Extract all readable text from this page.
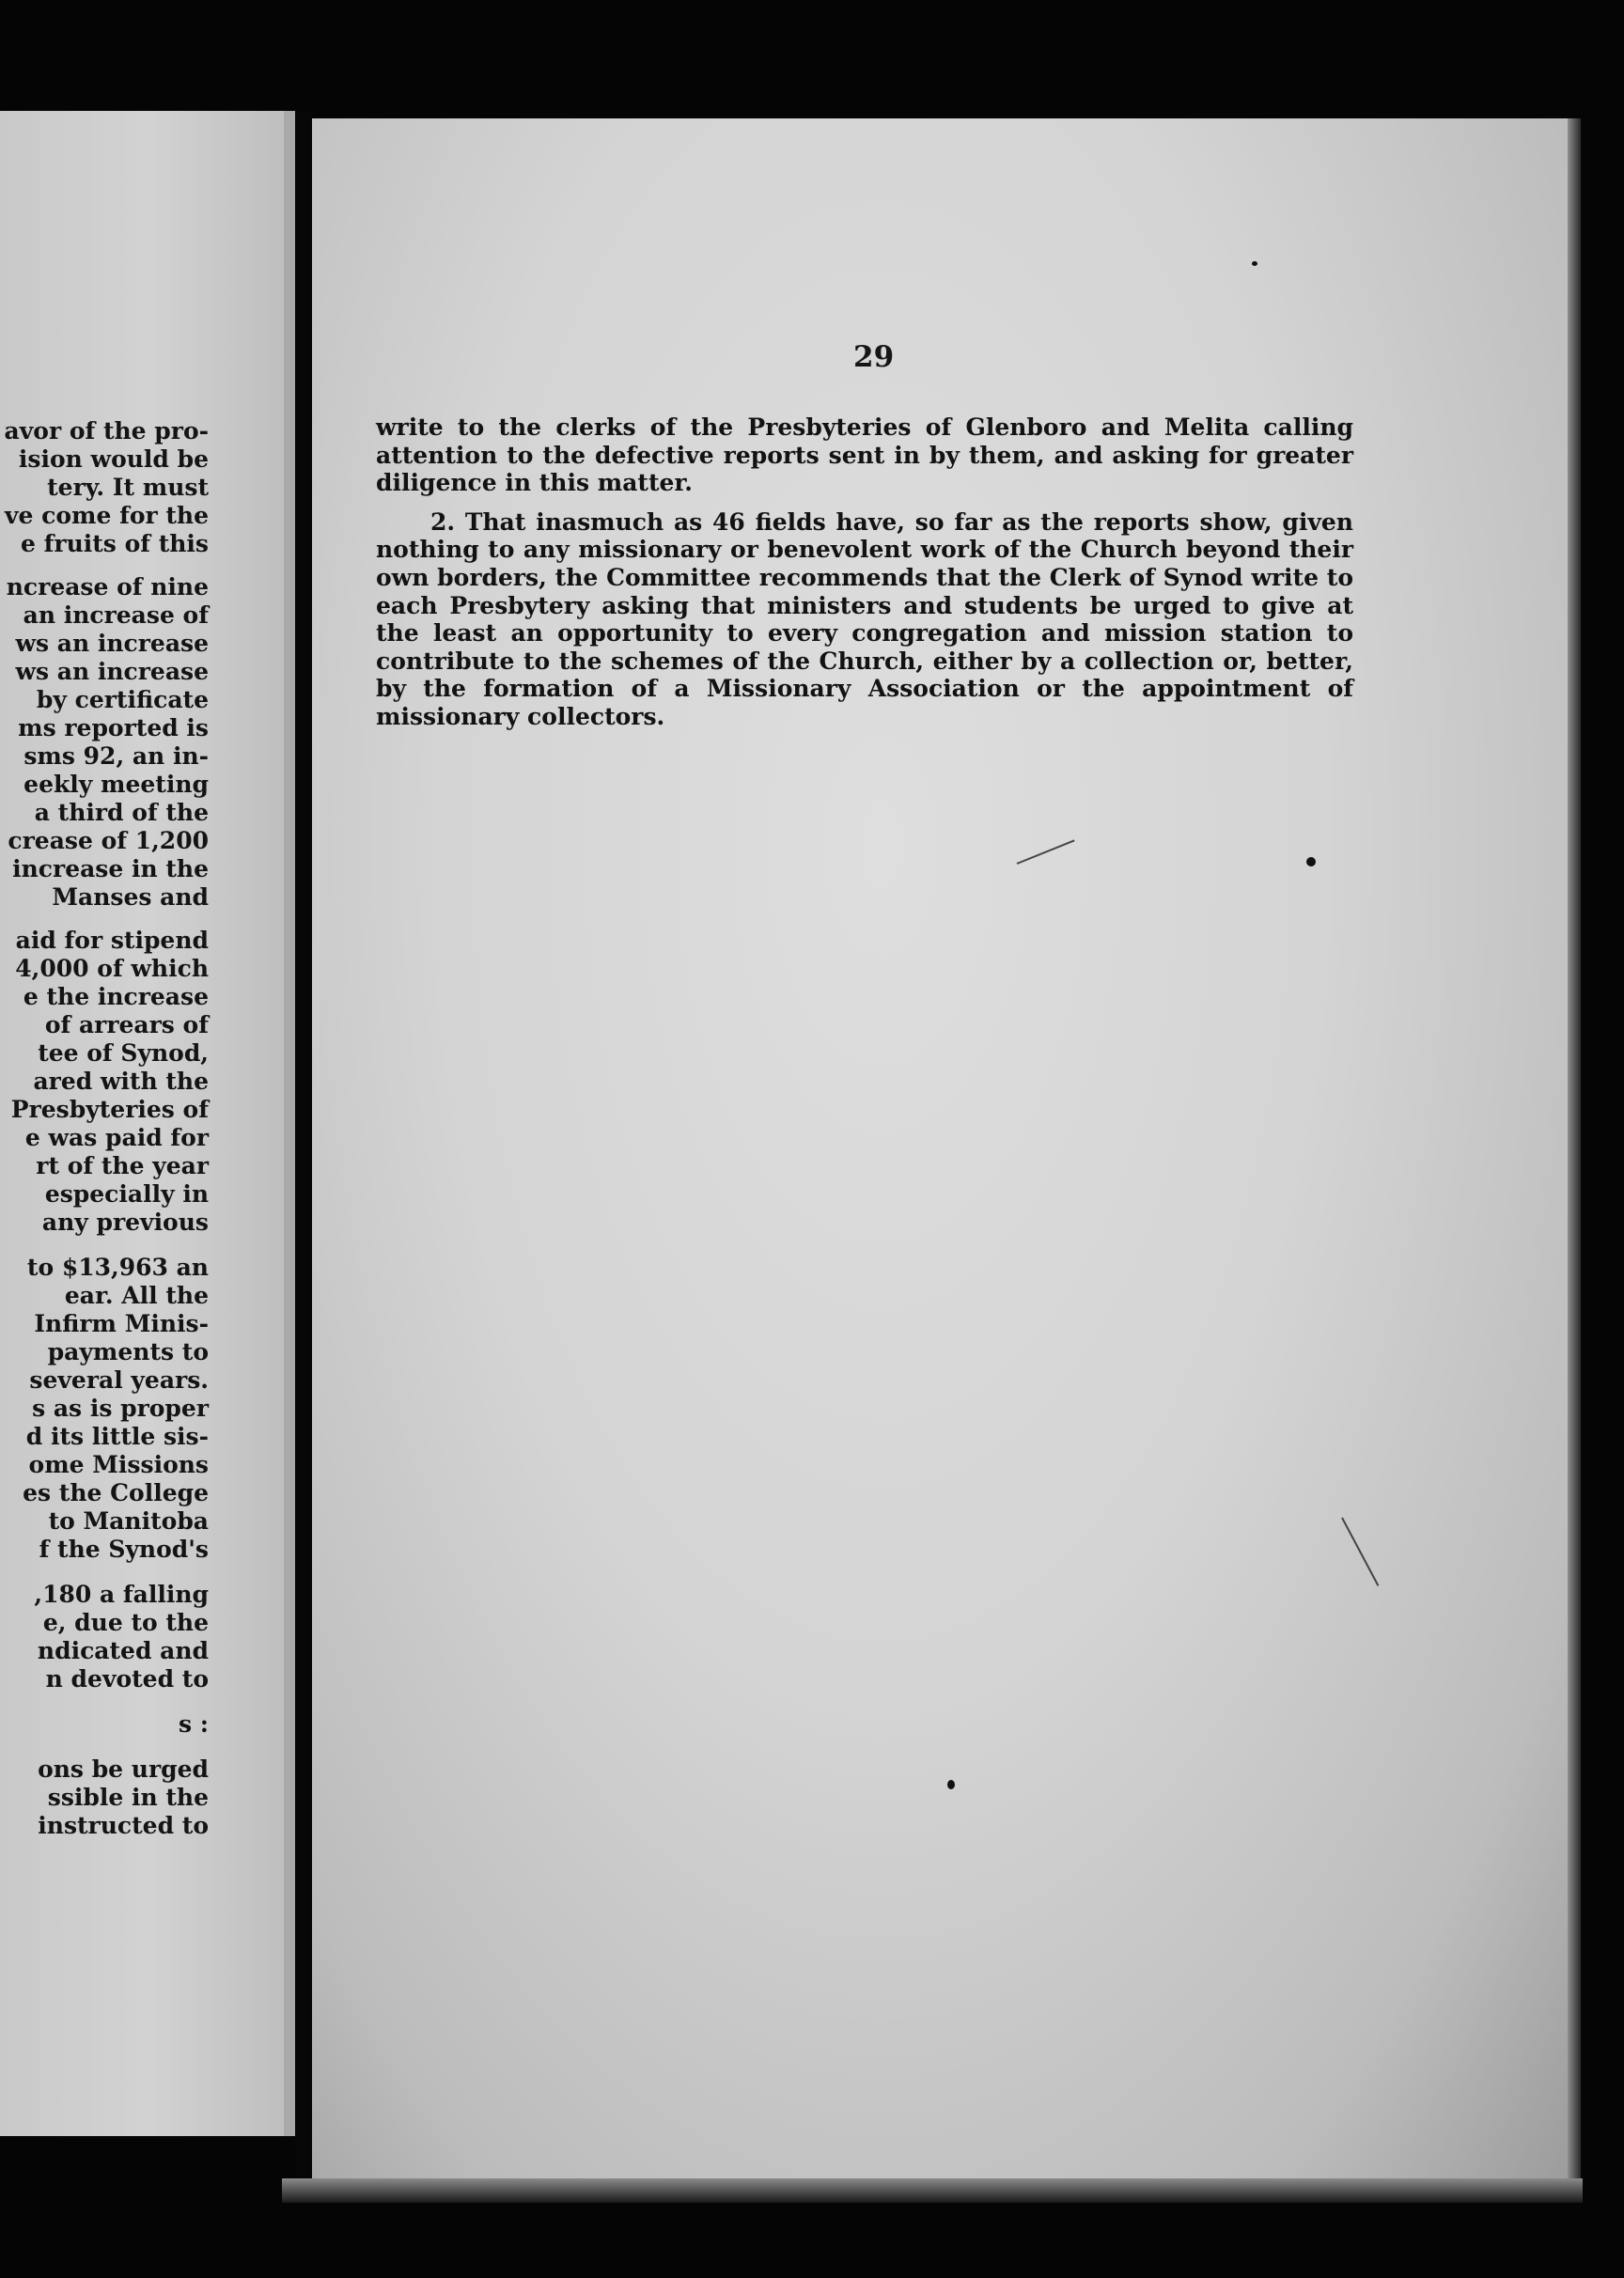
avor of the pro-
ision would be
tery. It must
ve come for the
e fruits of this
ncrease of nine
an increase of
ws an increase
ws an increase
by certificate
ms reported is
sms 92, an in-
eekly meeting
a third of the
crease of 1,200
increase in the
Manses and
aid for stipend
4,000 of which
e the increase
of arrears of
tee of Synod,
ared with the
Presbyteries of
e was paid for
rt of the year
especially in
any previous
to $13,963 an
ear. All the
Infirm Minis-
payments to
several years.
s as is proper
d its little sis-
ome Missions
es the College
to Manitoba
f the Synod's
,180 a falling
e, due to the
ndicated and
n devoted to
s :
ons be urged
ssible in the
instructed to
29

write to the clerks of the Presbyteries of Glenboro and Melita calling attention to the defective reports sent in by them, and asking for greater diligence in this matter.

2. That inasmuch as 46 fields have, so far as the reports show, given nothing to any missionary or benevolent work of the Church beyond their own borders, the Committee recommends that the Clerk of Synod write to each Presbytery asking that ministers and students be urged to give at the least an opportunity to every congregation and mission station to contribute to the schemes of the Church, either by a collection or, better, by the formation of a Missionary Association or the appointment of missionary collectors.
